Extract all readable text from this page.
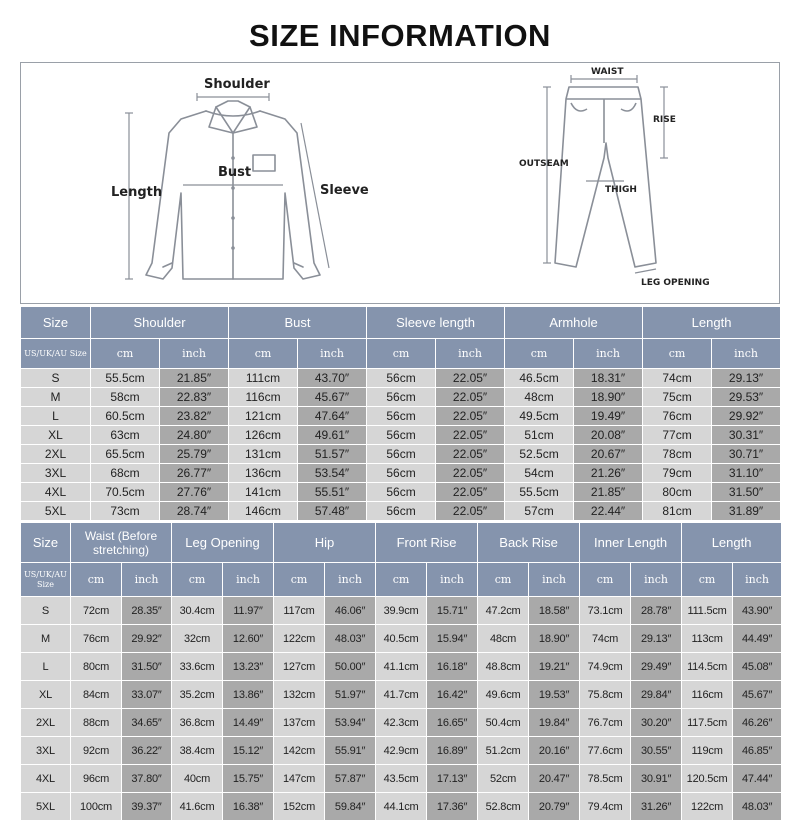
SIZE INFORMATION
Shoulder
Bust
Length	Sleeve
WAIST
RISE
OUTSEAM
THIGH
LEG OPENING
Size	Shoulder		Bust		Sleeve length		Armhole		Length	
US/UK/AU Size	cm	inch	cm	inch	cm	inch	cm	inch	cm	inch
S	55.5cm	21.85″	111cm	43.70″	56cm	22.05″	46.5cm	18.31″	74cm	29.13″
M	58cm	22.83″	116cm	45.67″	56cm	22.05″	48cm	18.90″	75cm	29.53″
L	60.5cm	23.82″	121cm	47.64″	56cm	22.05″	49.5cm	19.49″	76cm	29.92″
XL	63cm	24.80″	126cm	49.61″	56cm	22.05″	51cm	20.08″	77cm	30.31″
2XL	65.5cm	25.79″	131cm	51.57″	56cm	22.05″	52.5cm	20.67″	78cm	30.71″
3XL	68cm	26.77″	136cm	53.54″	56cm	22.05″	54cm	21.26″	79cm	31.10″
4XL	70.5cm	27.76″	141cm	55.51″	56cm	22.05″	55.5cm	21.85″	80cm	31.50″
5XL	73cm	28.74″	146cm	57.48″	56cm	22.05″	57cm	22.44″	81cm	31.89″
Size	Waist (Before stretching)		Leg Opening		Hip		Front Rise		Back Rise		Inner Length		Length	
US/UK/AU Size	cm	inch	cm	inch	cm	inch	cm	inch	cm	inch	cm	inch	cm	inch
S	72cm	28.35″	30.4cm	11.97″	117cm	46.06″	39.9cm	15.71″	47.2cm	18.58″	73.1cm	28.78″	111.5cm	43.90″
M	76cm	29.92″	32cm	12.60″	122cm	48.03″	40.5cm	15.94″	48cm	18.90″	74cm	29.13″	113cm	44.49″
L	80cm	31.50″	33.6cm	13.23″	127cm	50.00″	41.1cm	16.18″	48.8cm	19.21″	74.9cm	29.49″	114.5cm	45.08″
XL	84cm	33.07″	35.2cm	13.86″	132cm	51.97″	41.7cm	16.42″	49.6cm	19.53″	75.8cm	29.84″	116cm	45.67″
2XL	88cm	34.65″	36.8cm	14.49″	137cm	53.94″	42.3cm	16.65″	50.4cm	19.84″	76.7cm	30.20″	117.5cm	46.26″
3XL	92cm	36.22″	38.4cm	15.12″	142cm	55.91″	42.9cm	16.89″	51.2cm	20.16″	77.6cm	30.55″	119cm	46.85″
4XL	96cm	37.80″	40cm	15.75″	147cm	57.87″	43.5cm	17.13″	52cm	20.47″	78.5cm	30.91″	120.5cm	47.44″
5XL	100cm	39.37″	41.6cm	16.38″	152cm	59.84″	44.1cm	17.36″	52.8cm	20.79″	79.4cm	31.26″	122cm	48.03″
